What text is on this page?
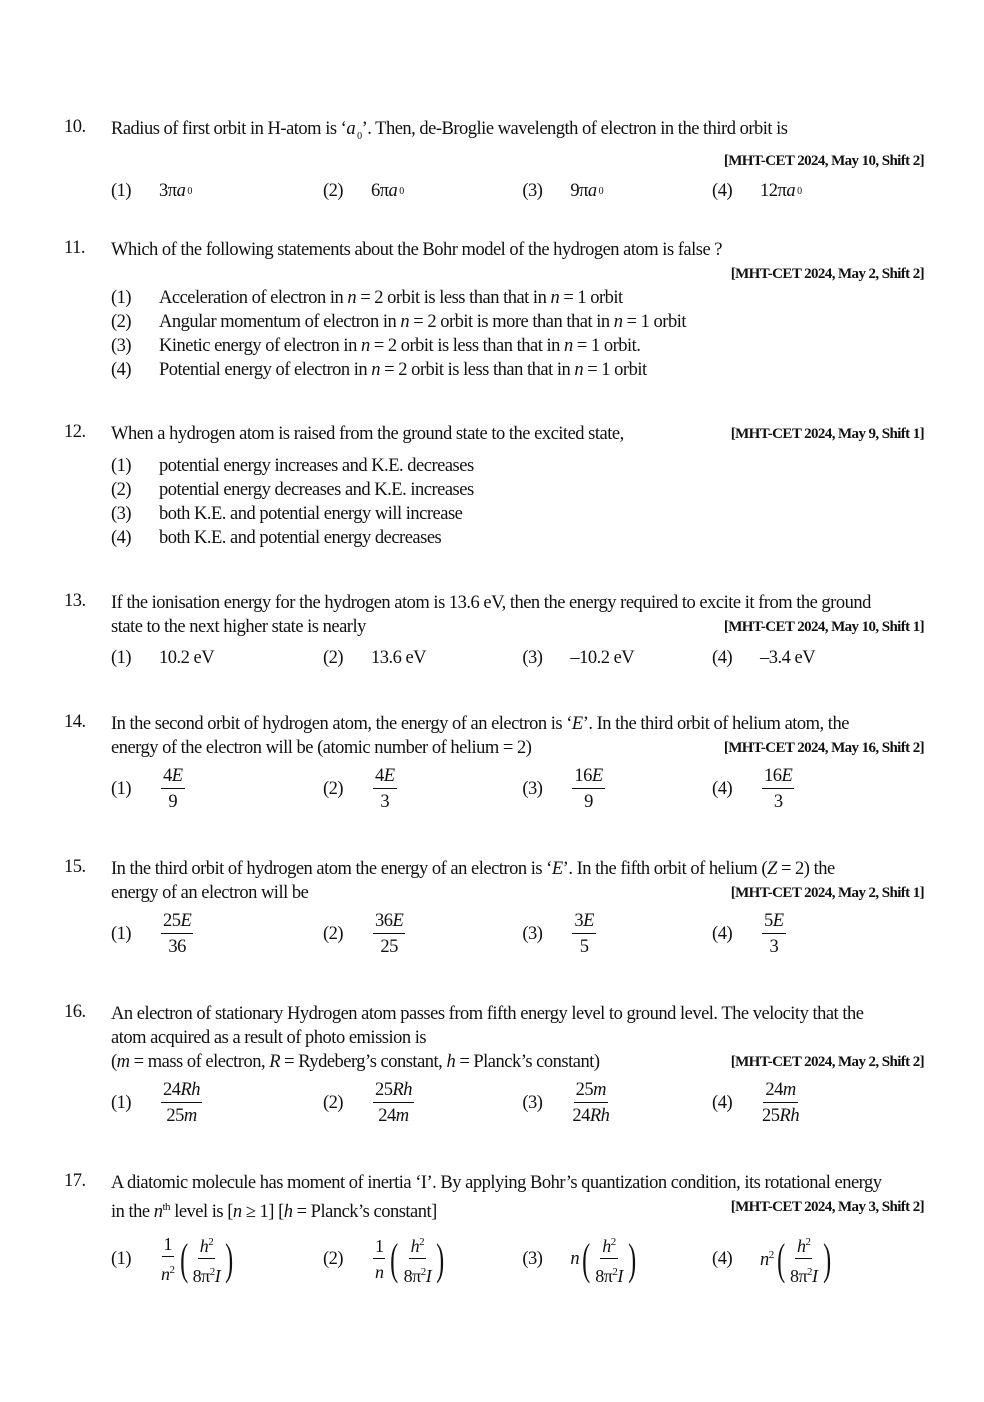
10.	Radius of first orbit in H-atom is ‘a $_0$’. Then, de-Broglie wavelength of electron in the third orbit is
[MHT-CET 2024, May 10, Shift 2]
(1)	3π a 0	(2)	6π a 0	(3)	9π a 0	(4)	12π a 0
11.	Which of the following statements about the Bohr model of the hydrogen atom is false ?
[MHT-CET 2024, May 2, Shift 2]
(1)	Acceleration of electron in n = 2 orbit is less than that in n = 1 orbit
(2)	Angular momentum of electron in n = 2 orbit is more than that in n = 1 orbit
(3)	Kinetic energy of electron in n = 2 orbit is less than that in n = 1 orbit.
(4)	Potential energy of electron in n = 2 orbit is less than that in n = 1 orbit
12.	When a hydrogen atom is raised from the ground state to the excited state,	[MHT-CET 2024, May 9, Shift 1]
(1)	potential energy increases and K.E. decreases
(2)	potential energy decreases and K.E. increases
(3)	both K.E. and potential energy will increase
(4)	both K.E. and potential energy decreases
13.	If the ionisation energy for the hydrogen atom is 13.6 eV, then the energy required to excite it from the ground
state to the next higher state is nearly	[MHT-CET 2024, May 10, Shift 1]
(1)	10.2 eV	(2)	13.6 eV	(3)	–10.2 eV	(4)	–3.4 eV
14.	In the second orbit of hydrogen atom, the energy of an electron is ‘E’. In the third orbit of helium atom, the
energy of the electron will be (atomic number of helium = 2)	[MHT-CET 2024, May 16, Shift 2]
(1)	$\frac{4E}{9}$	(2)	$\frac{4E}{3}$	(3)	$\frac{16E}{9}$	(4)	$\frac{16E}{3}$
15.	In the third orbit of hydrogen atom the energy of an electron is ‘E’. In the fifth orbit of helium (Z = 2) the
energy of an electron will be	[MHT-CET 2024, May 2, Shift 1]
(1)	$\frac{25E}{36}$	(2)	$\frac{36E}{25}$	(3)	$\frac{3E}{5}$	(4)	$\frac{5E}{3}$
16.	An electron of stationary Hydrogen atom passes from fifth energy level to ground level. The velocity that the
atom acquired as a result of photo emission is
(m = mass of electron, R = Rydeberg’s constant, h = Planck’s constant)	[MHT-CET 2024, May 2, Shift 2]
(1)	$\frac{24Rh}{25m}$	(2)	$\frac{25Rh}{24m}$	(3)	$\frac{25m}{24Rh}$	(4)	$\frac{24m}{25Rh}$
17.	A diatomic molecule has moment of inertia ‘I’. By applying Bohr’s quantization condition, its rotational energy
in the $n^{th}$ level is [n ≥ 1] [h = Planck’s constant]	[MHT-CET 2024, May 3, Shift 2]
(1)	$\frac{1}{n^2}$ ( $\frac{h^2}{8\pi^2I}$ )	(2)	$\frac{1}{n}$ ( $\frac{h^2}{8\pi^2I}$ )	(3)	n ( $\frac{h^2}{8\pi^2I}$ )	(4)	$n^2$ ( $\frac{h^2}{8\pi^2I}$ )
